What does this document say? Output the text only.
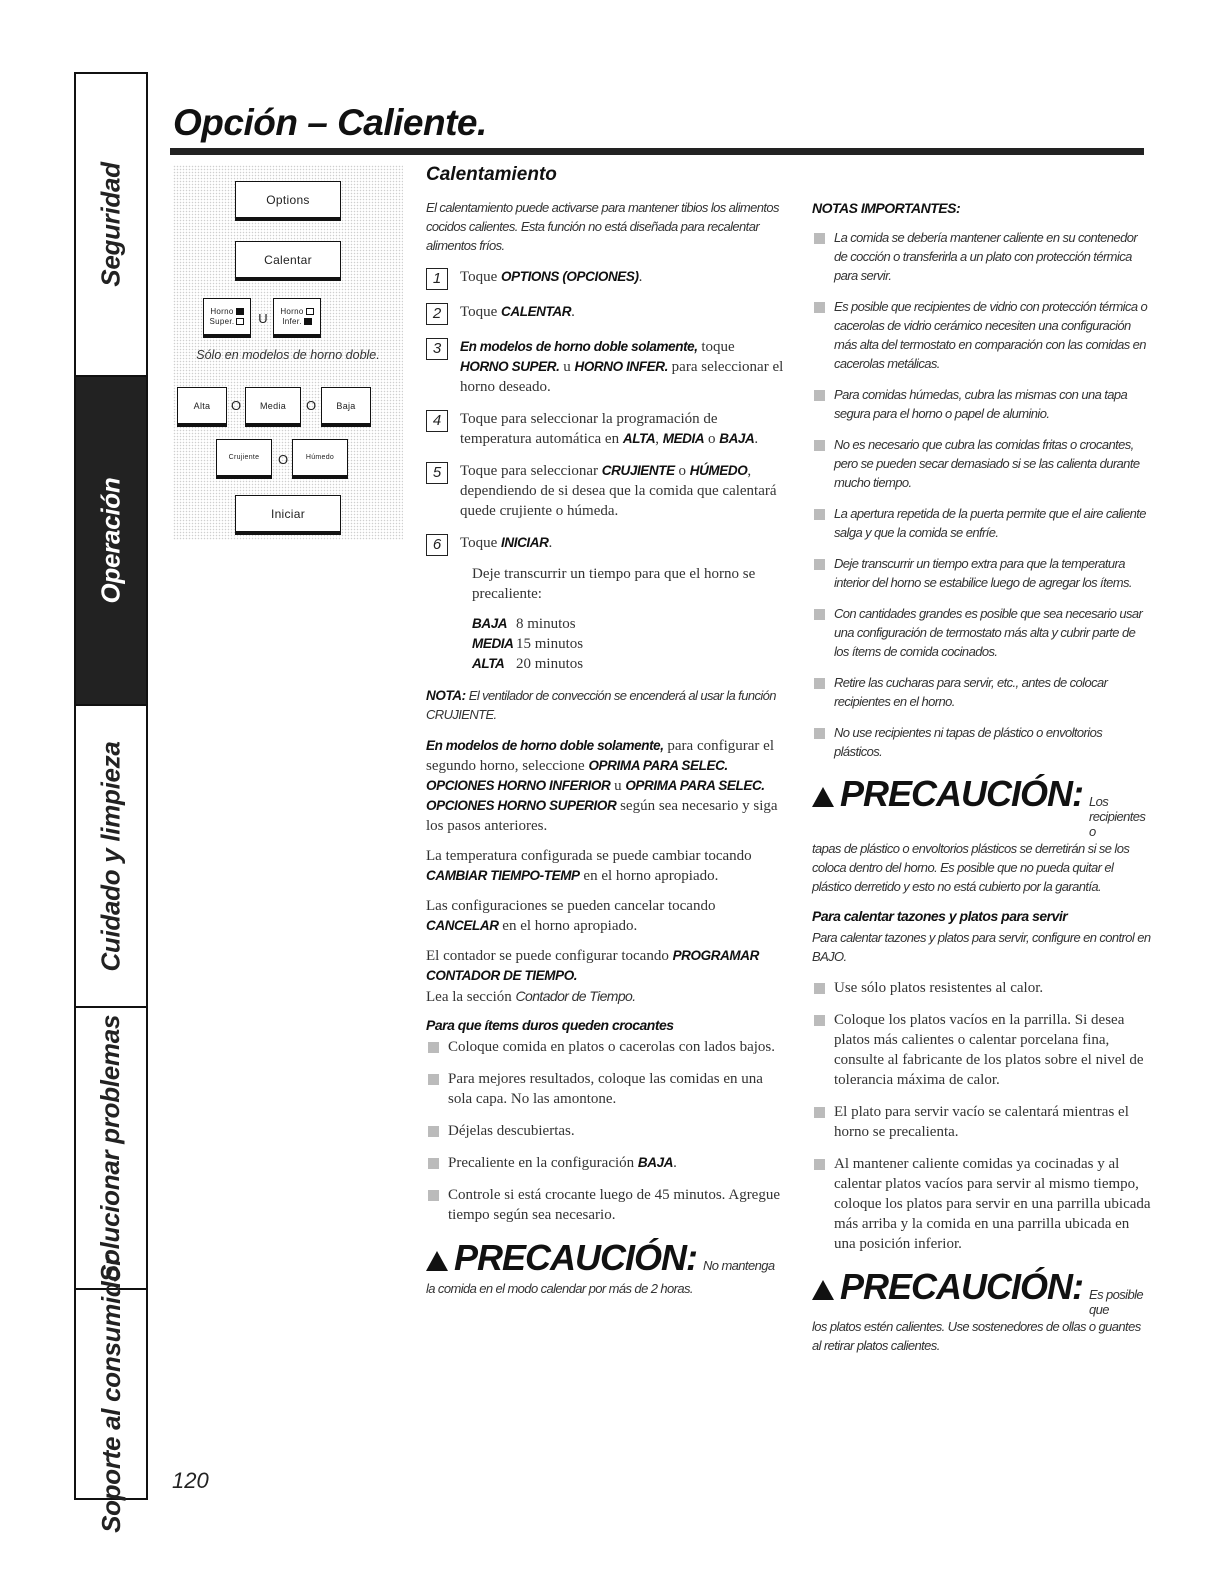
Seguridad
Operación
Cuidado y limpieza
Solucionar problemas
Soporte al consumidor
Opción – Caliente.
Options
Calentar
Horno
Super. U Horno
Infer.
Sólo en modelos de horno doble.
Alta O Media O Baja
Crujiente O	Húmedo
Iniciar
Calentamiento

El calentamiento puede activarse para mantener tibios los alimentos cocidos calientes. Esta función no está diseñada para recalentar alimentos fríos.

1	Toque OPTIONS (OPCIONES).
2	Toque CALENTAR.
3	En modelos de horno doble solamente, toque HORNO SUPER. u HORNO INFER. para seleccionar el horno deseado.
4	Toque para seleccionar la programación de temperatura automática en ALTA, MEDIA o BAJA.
5	Toque para seleccionar CRUJIENTE o HÚMEDO, dependiendo de si desea que la comida que calentará quede crujiente o húmeda.
6	Toque INICIAR.

Deje transcurrir un tiempo para que el horno se precaliente:

BAJA 8 minutos
MEDIA 15 minutos
ALTA 20 minutos

NOTA: El ventilador de convección se encenderá al usar la función CRUJIENTE.

En modelos de horno doble solamente, para configurar el segundo horno, seleccione OPRIMA PARA SELEC. OPCIONES HORNO INFERIOR u OPRIMA PARA SELEC. OPCIONES HORNO SUPERIOR según sea necesario y siga los pasos anteriores.

La temperatura configurada se puede cambiar tocando CAMBIAR TIEMPO-TEMP en el horno apropiado.

Las configuraciones se pueden cancelar tocando CANCELAR en el horno apropiado.

El contador se puede configurar tocando PROGRAMAR CONTADOR DE TIEMPO.
Lea la sección Contador de Tiempo.

Para que ítems duros queden crocantes

Coloque comida en platos o cacerolas con lados bajos.
Para mejores resultados, coloque las comidas en una sola capa. No las amontone.
Déjelas descubiertas.
Precaliente en la configuración BAJA.
Controle si está crocante luego de 45 minutos. Agregue tiempo según sea necesario.
PRECAUCIÓN: No mantenga

la comida en el modo calendar por más de 2 horas.

NOTAS IMPORTANTES:

La comida se debería mantener caliente en su contenedor de cocción o transferirla a un plato con protección térmica para servir.
Es posible que recipientes de vidrio con protección térmica o cacerolas de vidrio cerámico necesiten una configuración más alta del termostato en comparación con las comidas en cacerolas metálicas.
Para comidas húmedas, cubra las mismas con una tapa segura para el horno o papel de aluminio.
No es necesario que cubra las comidas fritas o crocantes, pero se pueden secar demasiado si se las calienta durante mucho tiempo.
La apertura repetida de la puerta permite que el aire caliente salga y que la comida se enfríe.
Deje transcurrir un tiempo extra para que la temperatura interior del horno se estabilice luego de agregar los ítems.
Con cantidades grandes es posible que sea necesario usar una configuración de termostato más alta y cubrir parte de los ítems de comida cocinados.
Retire las cucharas para servir, etc., antes de colocar recipientes en el horno.
No use recipientes ni tapas de plástico o envoltorios plásticos.
PRECAUCIÓN: Los recipientes o

tapas de plástico o envoltorios plásticos se derretirán si se los coloca dentro del horno. Es posible que no pueda quitar el plástico derretido y esto no está cubierto por la garantía.

Para calentar tazones y platos para servir

Para calentar tazones y platos para servir, configure en control en BAJO.

Use sólo platos resistentes al calor.
Coloque los platos vacíos en la parrilla. Si desea platos más calientes o calentar porcelana fina, consulte al fabricante de los platos sobre el nivel de tolerancia máxima de calor.
El plato para servir vacío se calentará mientras el horno se precalienta.
Al mantener caliente comidas ya cocinadas y al calentar platos vacíos para servir al mismo tiempo, coloque los platos para servir en una parrilla ubicada más arriba y la comida en una parrilla ubicada en una posición inferior.
PRECAUCIÓN: Es posible que

los platos estén calientes. Use sostenedores de ollas o guantes al retirar platos calientes.

120
